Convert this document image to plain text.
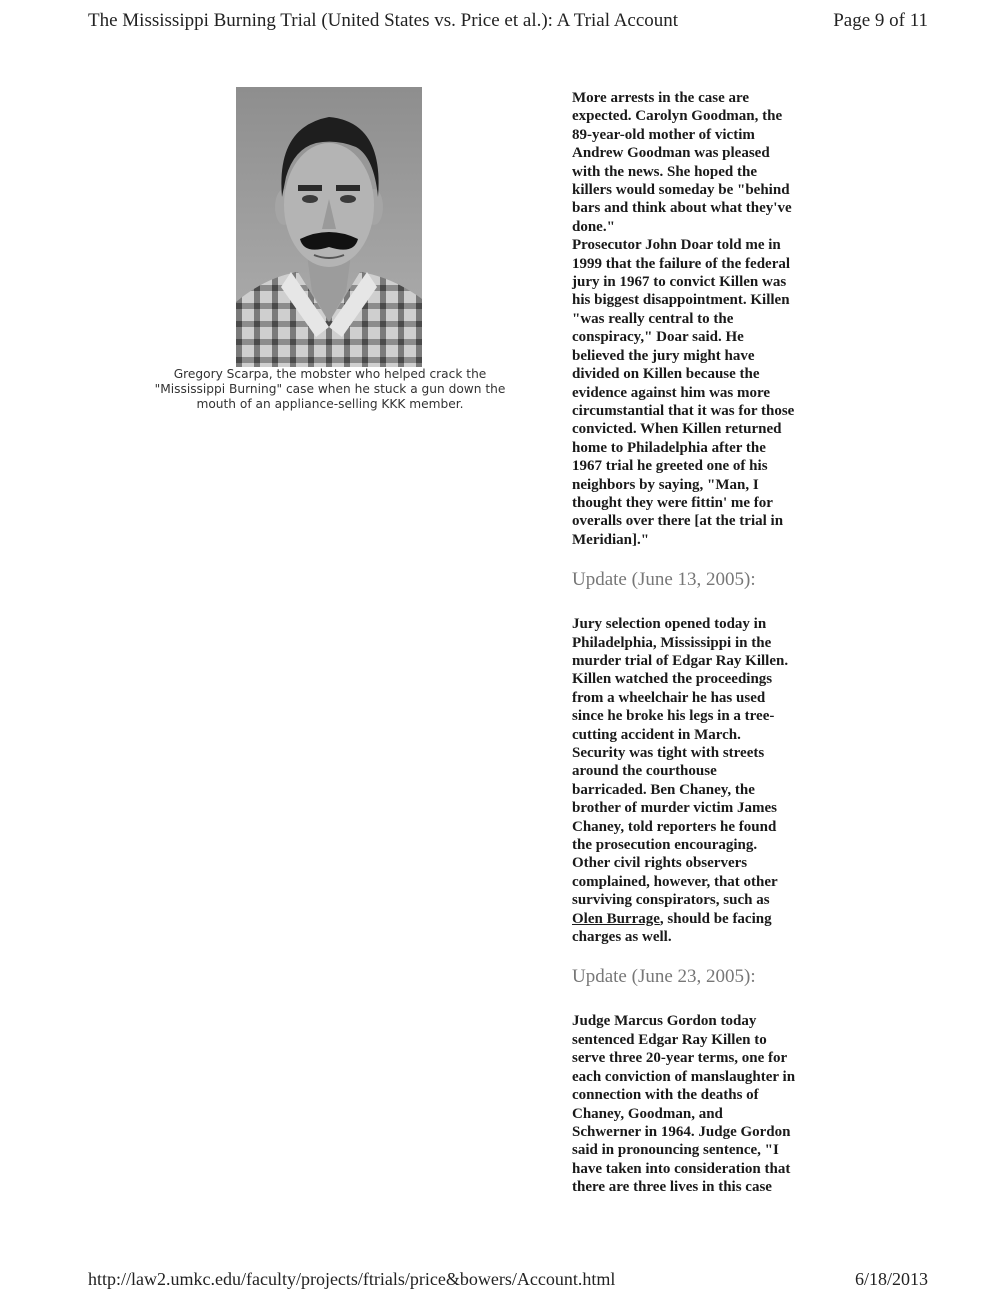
The Mississippi Burning Trial (United States vs. Price et al.): A Trial Account	Page 9 of 11
Gregory Scarpa, the mobster who helped crack the
"Mississippi Burning" case when he stuck a gun down the
mouth of an appliance-selling KKK member.

More arrests in the case are
expected. Carolyn Goodman, the
89-year-old mother of victim
Andrew Goodman was pleased
with the news. She hoped the
killers would someday be "behind
bars and think about what they've
done."

Prosecutor John Doar told me in
1999 that the failure of the federal
jury in 1967 to convict Killen was
his biggest disappointment. Killen
"was really central to the
conspiracy," Doar said. He
believed the jury might have
divided on Killen because the
evidence against him was more
circumstantial that it was for those
convicted. When Killen returned
home to Philadelphia after the
1967 trial he greeted one of his
neighbors by saying, "Man, I
thought they were fittin' me for
overalls over there [at the trial in
Meridian]."

Update (June 13, 2005):

Jury selection opened today in
Philadelphia, Mississippi in the
murder trial of Edgar Ray Killen.
Killen watched the proceedings
from a wheelchair he has used
since he broke his legs in a tree-
cutting accident in March.
Security was tight with streets
around the courthouse
barricaded. Ben Chaney, the
brother of murder victim James
Chaney, told reporters he found
the prosecution encouraging.
Other civil rights observers
complained, however, that other
surviving conspirators, such as
Olen Burrage, should be facing
charges as well.

Update (June 23, 2005):

Judge Marcus Gordon today
sentenced Edgar Ray Killen to
serve three 20-year terms, one for
each conviction of manslaughter in
connection with the deaths of
Chaney, Goodman, and
Schwerner in 1964. Judge Gordon
said in pronouncing sentence, "I
have taken into consideration that
there are three lives in this case

http://law2.umkc.edu/faculty/projects/ftrials/price&bowers/Account.html	6/18/2013
